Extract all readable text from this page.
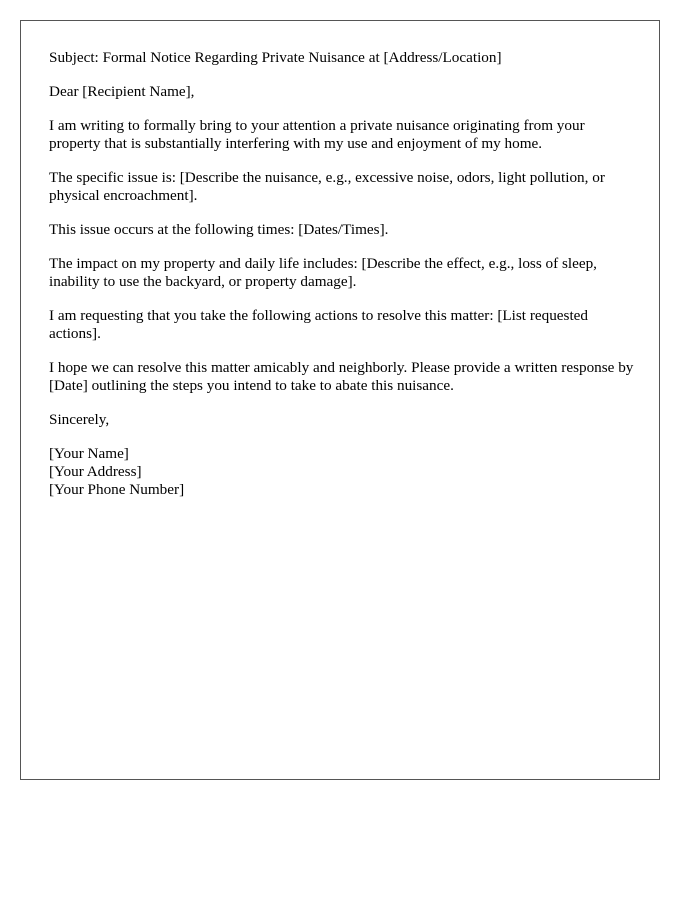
Subject: Formal Notice Regarding Private Nuisance at [Address/Location]

Dear [Recipient Name],

I am writing to formally bring to your attention a private nuisance originating from your property that is substantially interfering with my use and enjoyment of my home.

The specific issue is: [Describe the nuisance, e.g., excessive noise, odors, light pollution, or physical encroachment].

This issue occurs at the following times: [Dates/Times].

The impact on my property and daily life includes: [Describe the effect, e.g., loss of sleep, inability to use the backyard, or property damage].

I am requesting that you take the following actions to resolve this matter: [List requested actions].

I hope we can resolve this matter amicably and neighborly. Please provide a written response by [Date] outlining the steps you intend to take to abate this nuisance.

Sincerely,

[Your Name]
[Your Address]
[Your Phone Number]
